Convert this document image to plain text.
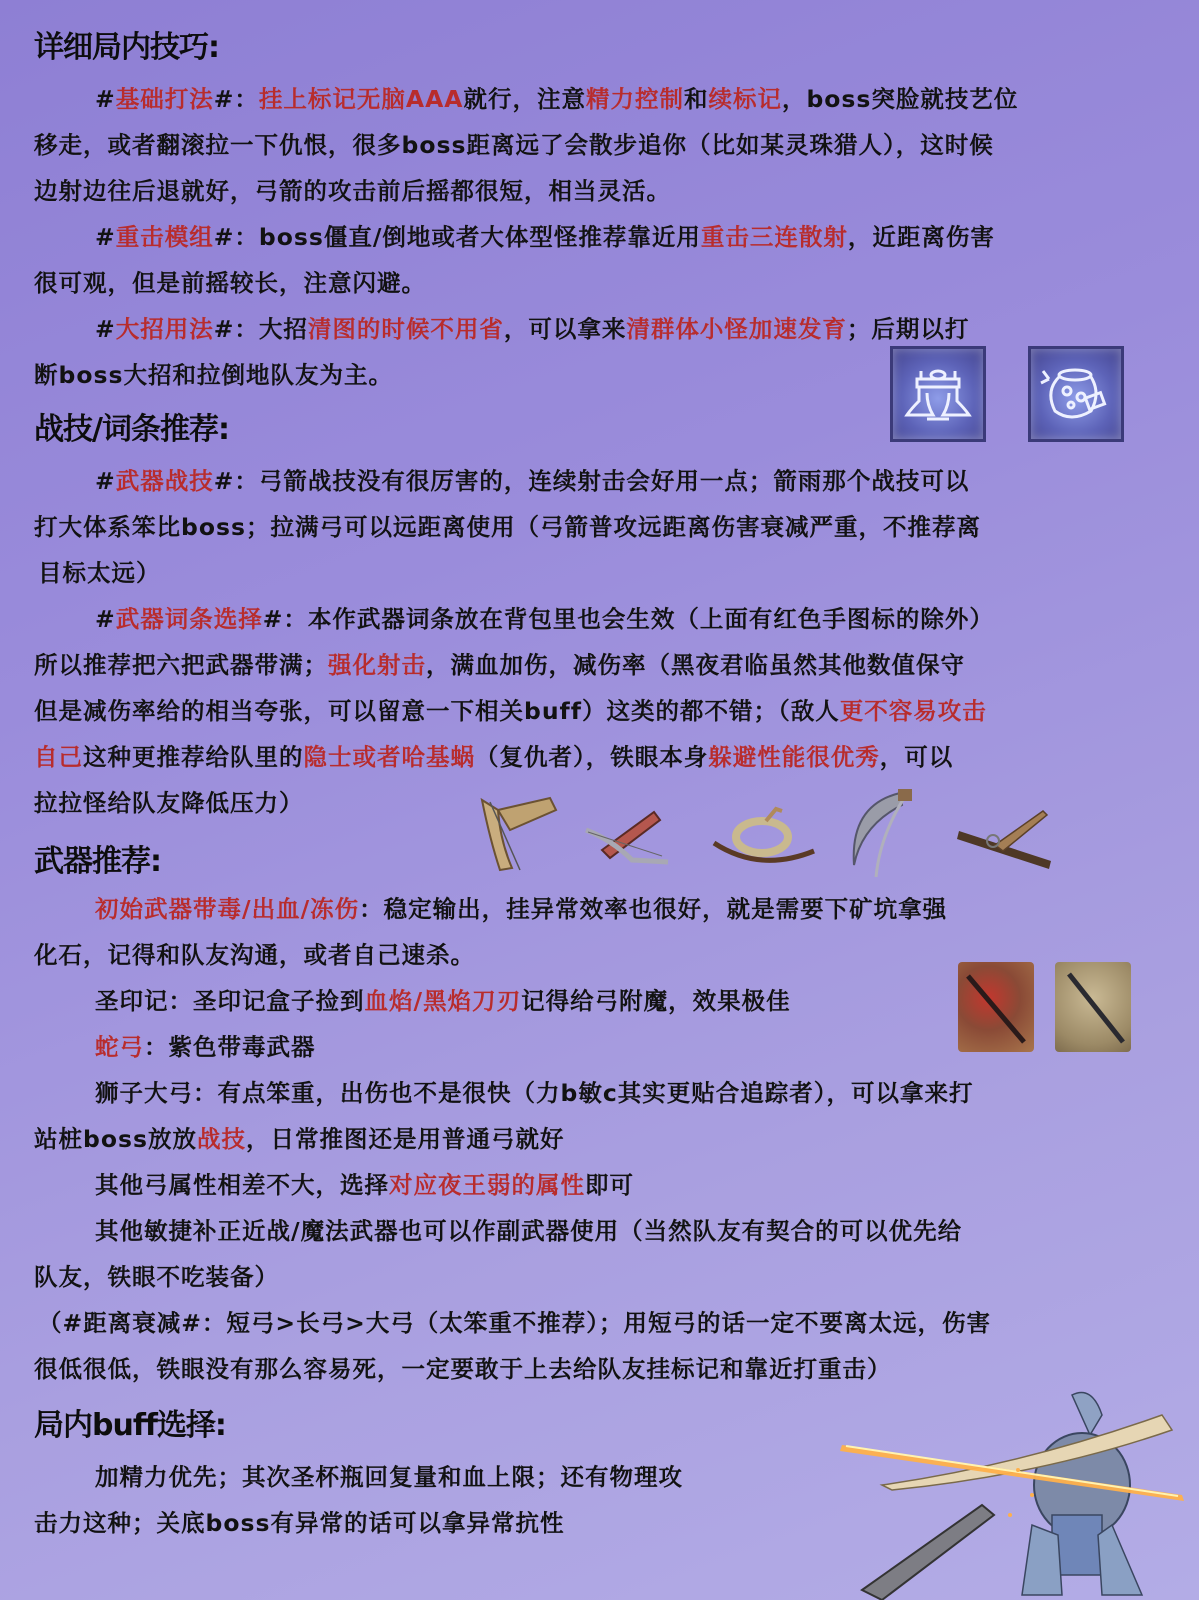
详细局内技巧:
#基础打法#：挂上标记无脑AAA就行，注意精力控制和续标记，boss突脸就技艺位
移走，或者翻滚拉一下仇恨，很多boss距离远了会散步追你（比如某灵珠猎人），这时候
边射边往后退就好，弓箭的攻击前后摇都很短，相当灵活。
#重击模组#：boss僵直/倒地或者大体型怪推荐靠近用重击三连散射，近距离伤害
很可观，但是前摇较长，注意闪避。
#大招用法#：大招清图的时候不用省，可以拿来清群体小怪加速发育；后期以打
断boss大招和拉倒地队友为主。
战技/词条推荐:
#武器战技#：弓箭战技没有很厉害的，连续射击会好用一点；箭雨那个战技可以
打大体系笨比boss；拉满弓可以远距离使用（弓箭普攻远距离伤害衰减严重，不推荐离
目标太远）
#武器词条选择#：本作武器词条放在背包里也会生效（上面有红色手图标的除外）
所以推荐把六把武器带满；强化射击，满血加伤，减伤率（黑夜君临虽然其他数值保守
但是减伤率给的相当夸张，可以留意一下相关buff）这类的都不错；（敌人更不容易攻击
自己这种更推荐给队里的隐士或者哈基蜗（复仇者），铁眼本身躲避性能很优秀，可以
拉拉怪给队友降低压力）
武器推荐:
初始武器带毒/出血/冻伤：稳定输出，挂异常效率也很好，就是需要下矿坑拿强
化石，记得和队友沟通，或者自己速杀。
圣印记：圣印记盒子捡到血焰/黑焰刀刃记得给弓附魔，效果极佳
蛇弓：紫色带毒武器
狮子大弓：有点笨重，出伤也不是很快（力b敏c其实更贴合追踪者），可以拿来打
站桩boss放放战技，日常推图还是用普通弓就好
其他弓属性相差不大，选择对应夜王弱的属性即可
其他敏捷补正近战/魔法武器也可以作副武器使用（当然队友有契合的可以优先给
队友，铁眼不吃装备）
（#距离衰减#：短弓>长弓>大弓（太笨重不推荐）；用短弓的话一定不要离太远，伤害
很低很低，铁眼没有那么容易死，一定要敢于上去给队友挂标记和靠近打重击）
局内buff选择:
加精力优先；其次圣杯瓶回复量和血上限；还有物理攻
击力这种；关底boss有异常的话可以拿异常抗性
